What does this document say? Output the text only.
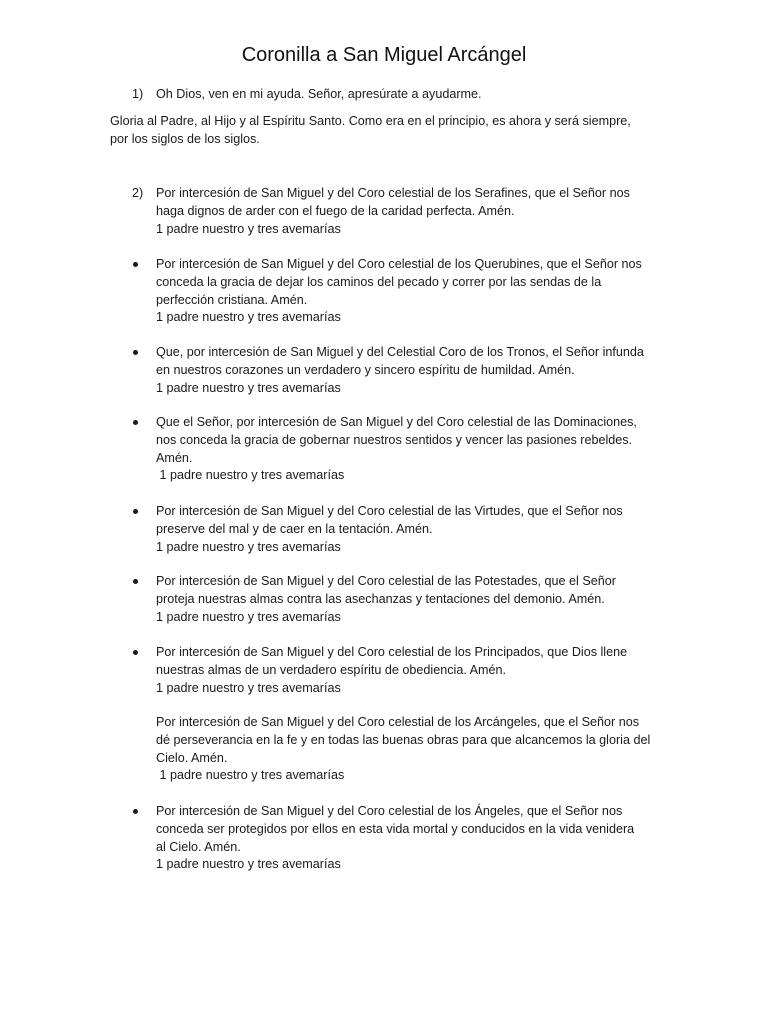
Coronilla a San Miguel Arcángel
1) Oh Dios, ven en mi ayuda. Señor, apresúrate a ayudarme.

Gloria al Padre, al Hijo y al Espíritu Santo. Como era en el principio, es ahora y será siempre,
por los siglos de los siglos.

2) Por intercesión de San Miguel y del Coro celestial de los Serafines, que el Señor nos
haga dignos de arder con el fuego de la caridad perfecta. Amén.
1 padre nuestro y tres avemarías

Por intercesión de San Miguel y del Coro celestial de los Querubines, que el Señor nos
conceda la gracia de dejar los caminos del pecado y correr por las sendas de la
perfección cristiana. Amén.
1 padre nuestro y tres avemarías

Que, por intercesión de San Miguel y del Celestial Coro de los Tronos, el Señor infunda
en nuestros corazones un verdadero y sincero espíritu de humildad. Amén.
1 padre nuestro y tres avemarías

Que el Señor, por intercesión de San Miguel y del Coro celestial de las Dominaciones,
nos conceda la gracia de gobernar nuestros sentidos y vencer las pasiones rebeldes.
Amén.
1 padre nuestro y tres avemarías

Por intercesión de San Miguel y del Coro celestial de las Virtudes, que el Señor nos
preserve del mal y de caer en la tentación. Amén.
1 padre nuestro y tres avemarías

Por intercesión de San Miguel y del Coro celestial de las Potestades, que el Señor
proteja nuestras almas contra las asechanzas y tentaciones del demonio. Amén.
1 padre nuestro y tres avemarías

Por intercesión de San Miguel y del Coro celestial de los Principados, que Dios llene
nuestras almas de un verdadero espíritu de obediencia. Amén.
1 padre nuestro y tres avemarías

Por intercesión de San Miguel y del Coro celestial de los Arcángeles, que el Señor nos
dé perseverancia en la fe y en todas las buenas obras para que alcancemos la gloria del
Cielo. Amén.
1 padre nuestro y tres avemarías

Por intercesión de San Miguel y del Coro celestial de los Ángeles, que el Señor nos
conceda ser protegidos por ellos en esta vida mortal y conducidos en la vida venidera
al Cielo. Amén.
1 padre nuestro y tres avemarías
